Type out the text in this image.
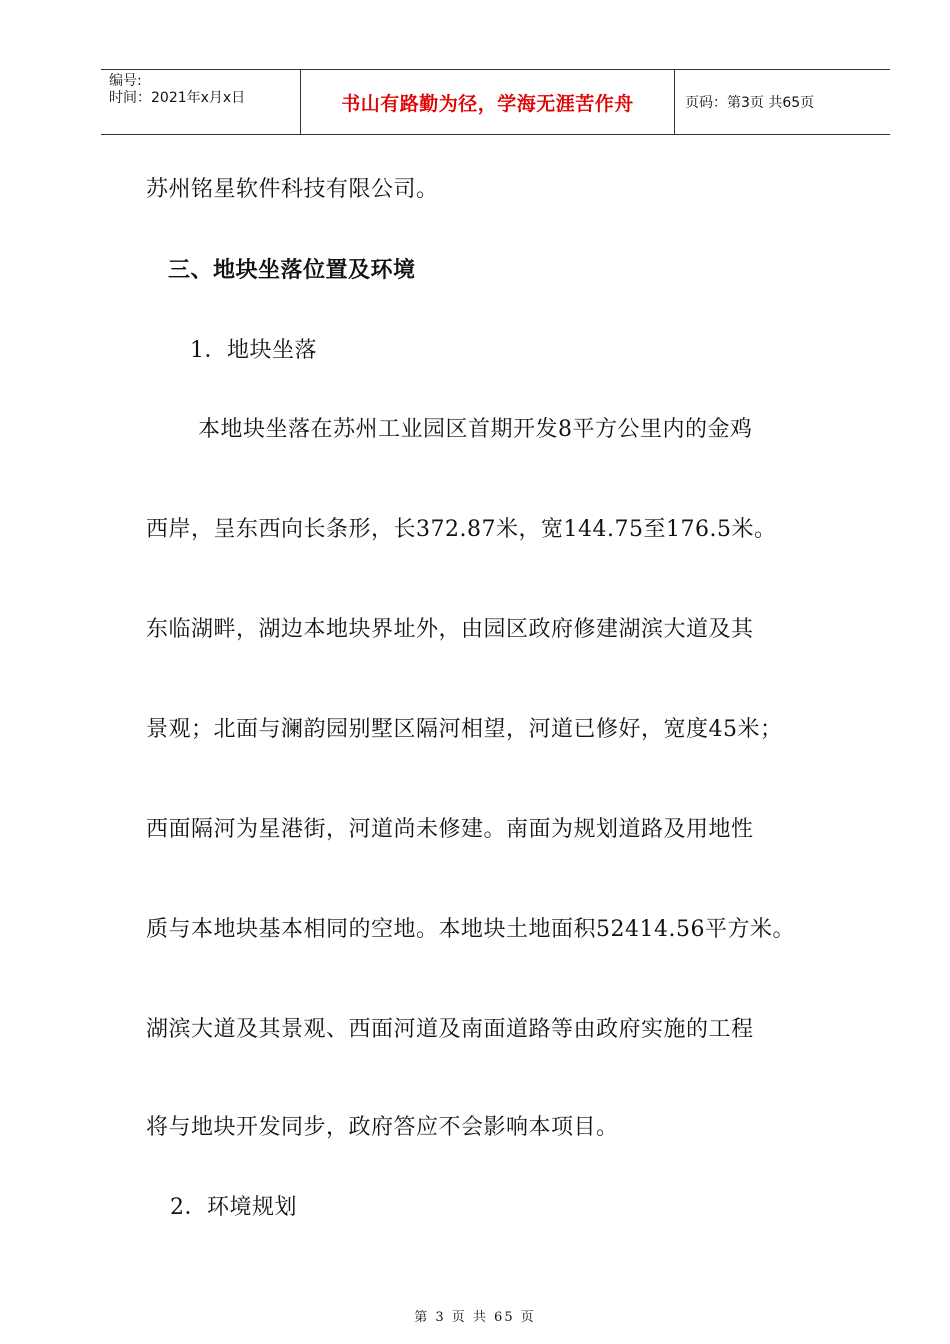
编号:
时间：2021年x月x日	书山有路勤为径，学海无涯苦作舟	页码：第3页 共65页
苏州铭星软件科技有限公司。
三、地块坐落位置及环境
1．地块坐落
本地块坐落在苏州工业园区首期开发8平方公里内的金鸡
西岸，呈东西向长条形，长372.87米，宽144.75至176.5米。
东临湖畔，湖边本地块界址外，由园区政府修建湖滨大道及其
景观；北面与澜韵园别墅区隔河相望，河道已修好，宽度45米；
西面隔河为星港街，河道尚未修建。南面为规划道路及用地性
质与本地块基本相同的空地。本地块土地面积52414.56平方米。
湖滨大道及其景观、西面河道及南面道路等由政府实施的工程
将与地块开发同步，政府答应不会影响本项目。
2．环境规划
第 3 页 共 65 页
